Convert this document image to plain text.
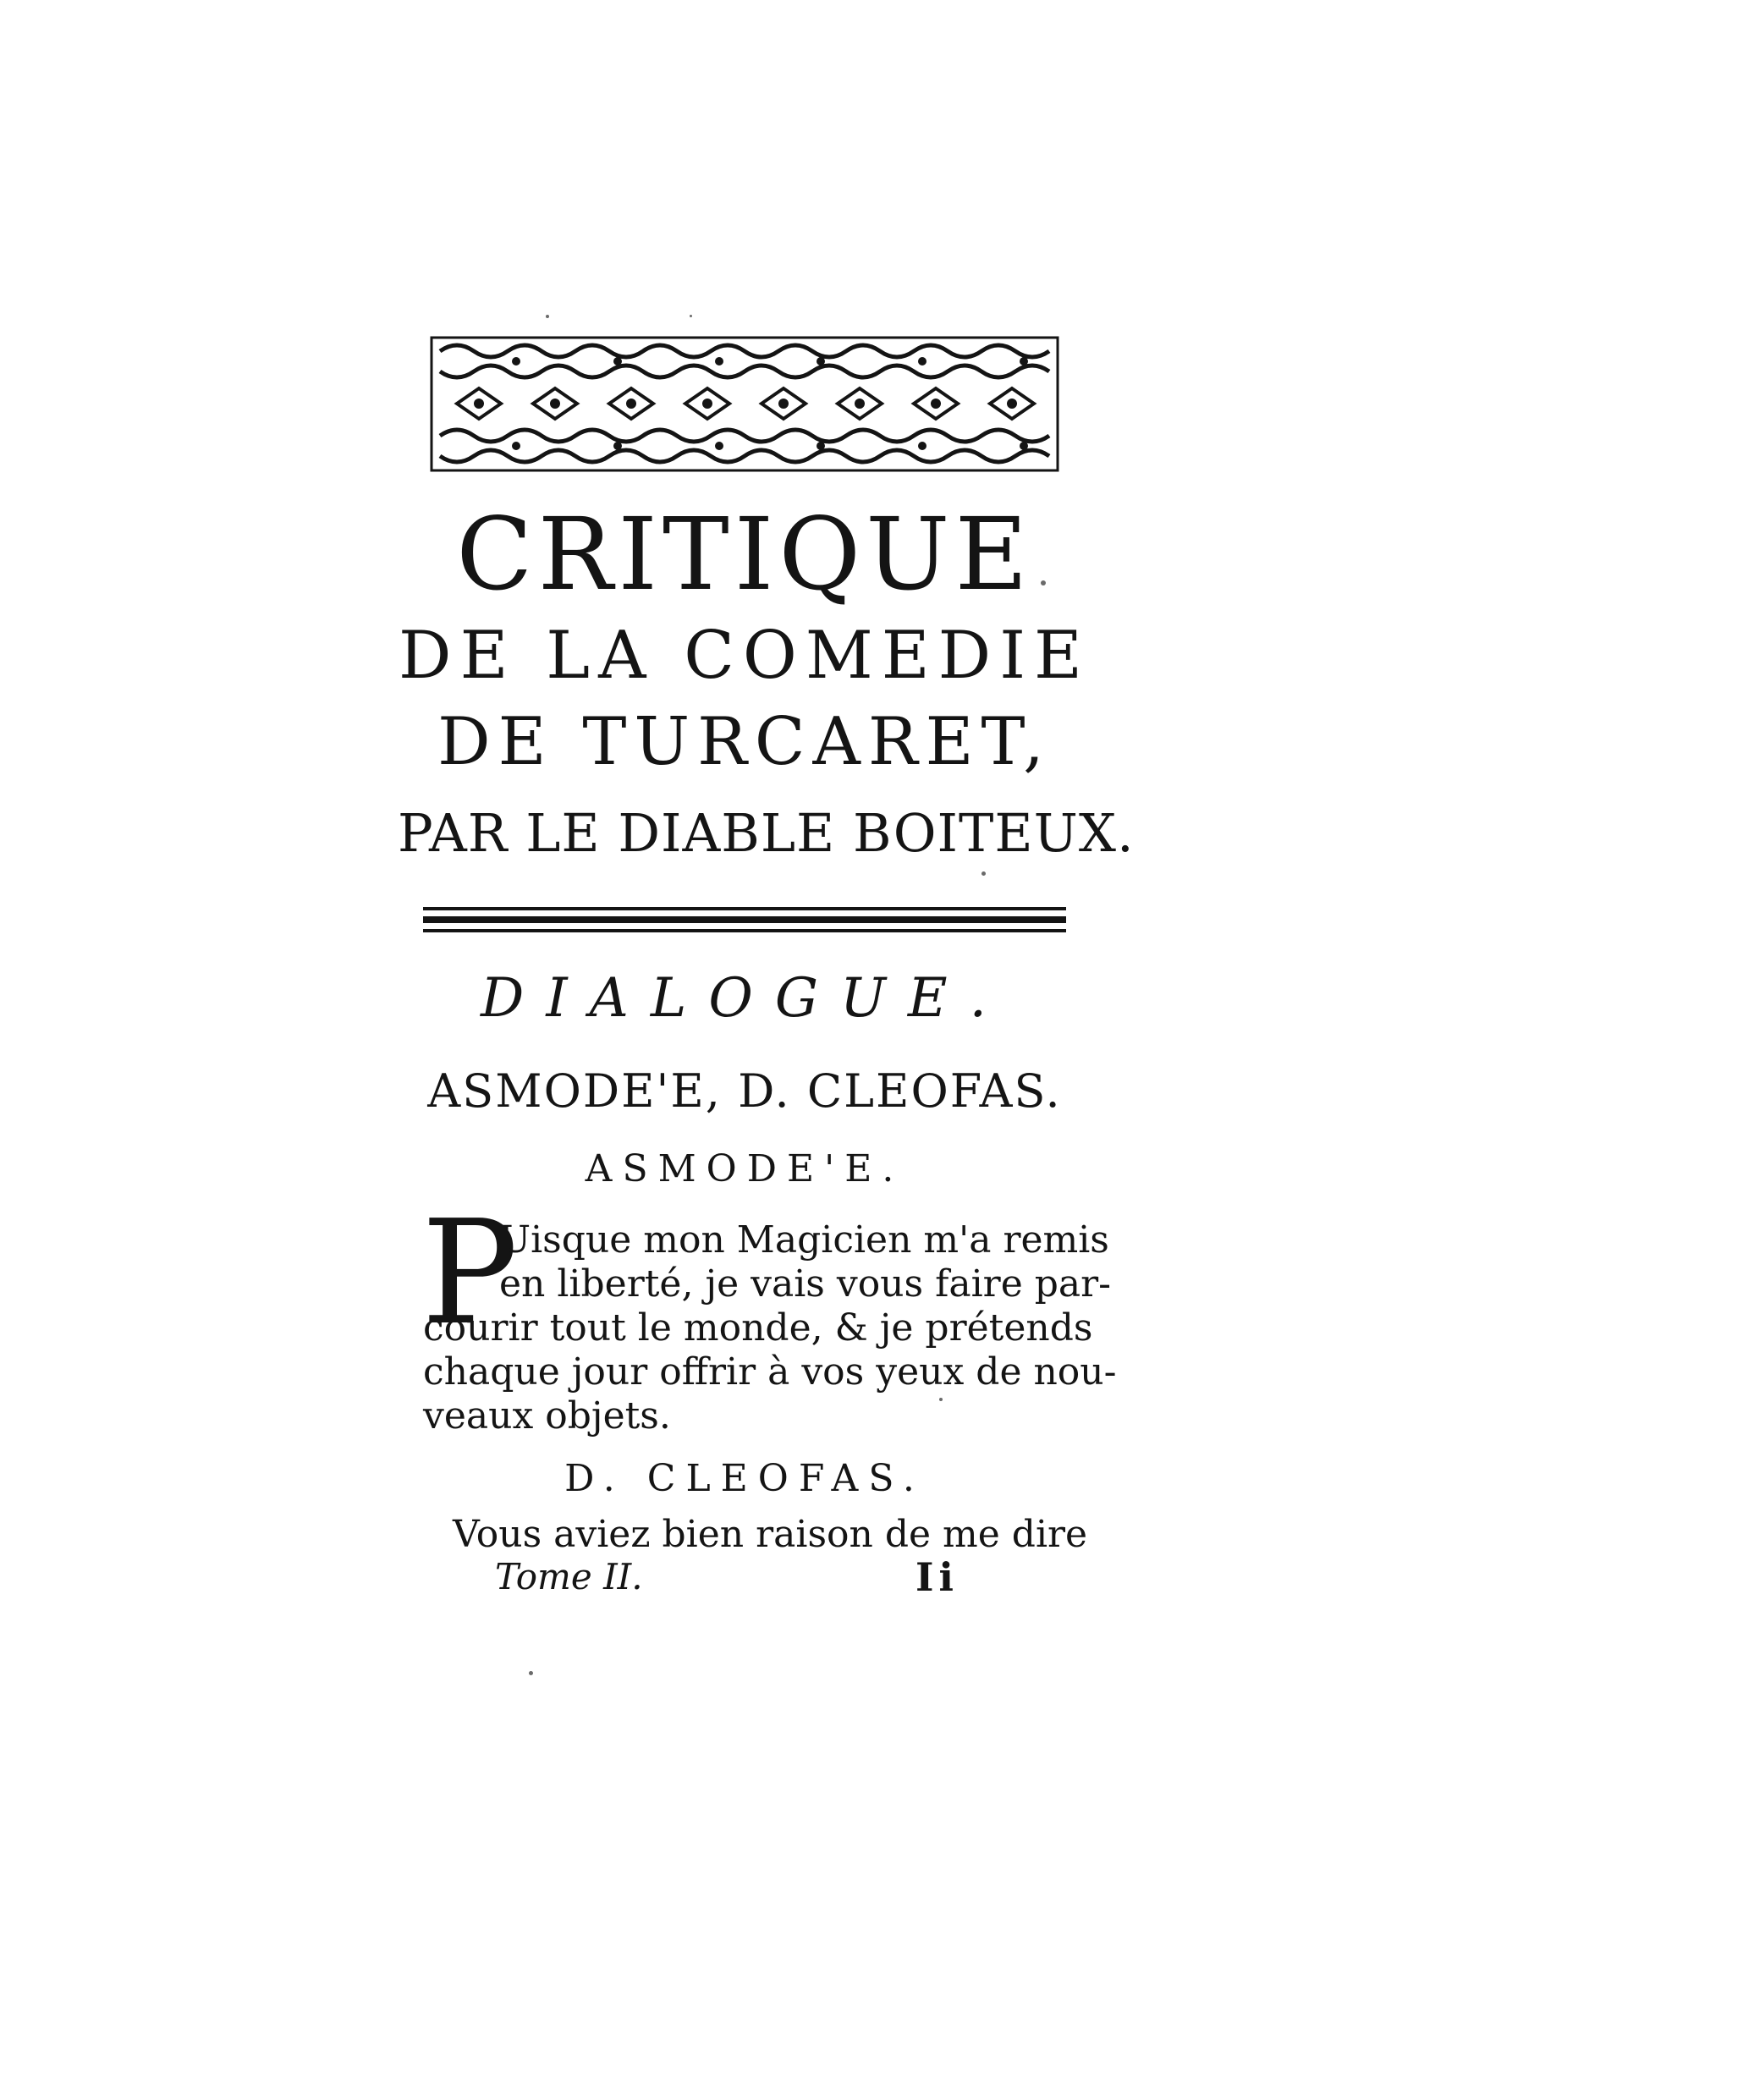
CRITIQUE
DE LA COMEDIE
DE TURCARET,
PAR LE DIABLE BOITEUX.
DIALOGUE.
ASMODE'E, D. CLEOFAS.
ASMODE'E.
P
Uisque mon Magicien m'a remis
en liberté, je vais vous faire par-
courir tout le monde, & je prétends
chaque jour offrir à vos yeux de nou-
veaux objets.
D. CLEOFAS.
Vous aviez bien raison de me dire
Tome II.	Ii
